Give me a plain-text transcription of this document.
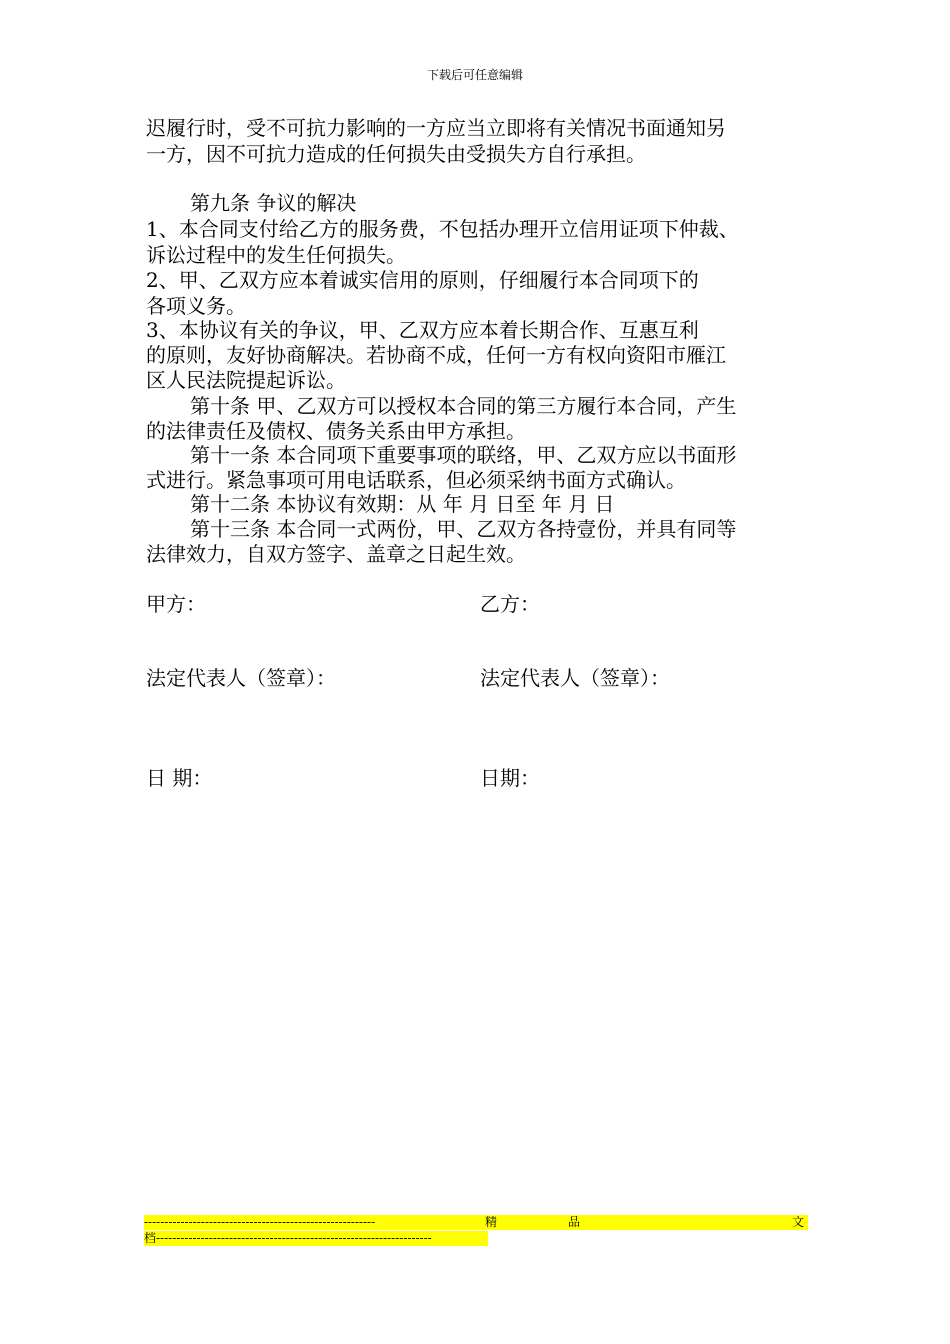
下载后可任意编辑
迟履行时，受不可抗力影响的一方应当立即将有关情况书面通知另
一方，因不可抗力造成的任何损失由受损失方自行承担。
第九条 争议的解决
1、本合同支付给乙方的服务费，不包括办理开立信用证项下仲裁、
诉讼过程中的发生任何损失。
2、甲、乙双方应本着诚实信用的原则，仔细履行本合同项下的
各项义务。
3、本协议有关的争议，甲、乙双方应本着长期合作、互惠互利
的原则，友好协商解决。若协商不成，任何一方有权向资阳市雁江
区人民法院提起诉讼。
第十条 甲、乙双方可以授权本合同的第三方履行本合同，产生
的法律责任及债权、债务关系由甲方承担。
第十一条 本合同项下重要事项的联络，甲、乙双方应以书面形
式进行。紧急事项可用电话联系，但必须采纳书面方式确认。
第十二条 本协议有效期：从 年 月 日至 年 月 日
第十三条 本合同一式两份，甲、乙双方各持壹份，并具有同等
法律效力，自双方签字、盖章之日起生效。
甲方：	乙方：
法定代表人（签章）：	法定代表人（签章）：
日 期：	日期：
---------------------------------------------------------	精	品	文
档--------------------------------------------------------------------
